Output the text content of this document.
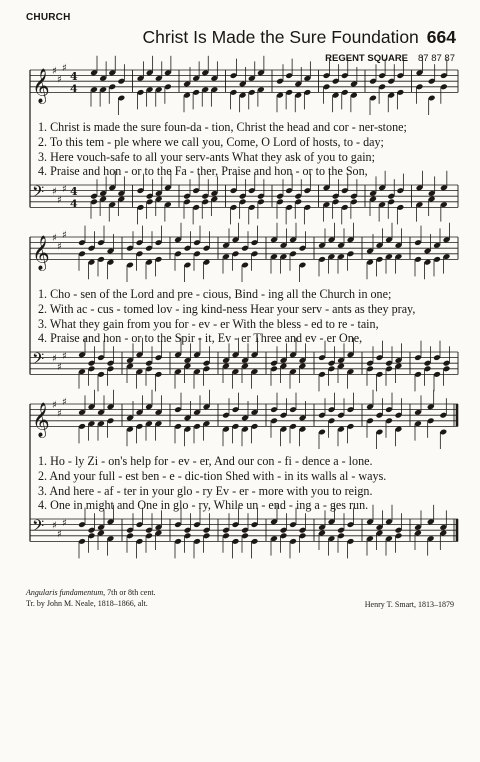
CHURCH
Christ Is Made the Sure Foundation 664
REGENT SQUARE 87 87 87
𝄞 ♯
♯
♯
4
4
𝄢 ♯
♯
♯ 4
4
𝄞 ♯
♯
♯
𝄢 ♯
♯
♯
𝄞 ♯
♯
♯
𝄢 ♯
♯
♯
1. Christ is made the sure foun-da - tion, Christ the head and cor - ner-stone;
2. To this tem - ple where we call you, Come, O Lord of hosts, to - day;
3. Here vouch-safe to all your serv-ants What they ask of you to gain;
4. Praise and hon - or to the Fa - ther, Praise and hon - or to the Son,
1. Cho - sen of the Lord and pre - cious, Bind - ing all the Church in one;
2. With ac - cus - tomed lov - ing kind-ness Hear your serv - ants as they pray,
3. What they gain from you for - ev - er With the bless - ed to re - tain,
4. Praise and hon - or to the Spir - it, Ev - er Three and ev - er One,
1. Ho - ly Zi - on's help for - ev - er, And our con - fi - dence a - lone.
2. And your full - est ben - e - dic-tion Shed with - in its walls al - ways.
3. And here - af - ter in your glo - ry Ev - er - more with you to reign.
4. One in might and One in glo - ry, While un - end - ing a - ges run.
Angularis fundamentum, 7th or 8th cent.
Tr. by John M. Neale, 1818–1866, alt.	Henry T. Smart, 1813–1879
